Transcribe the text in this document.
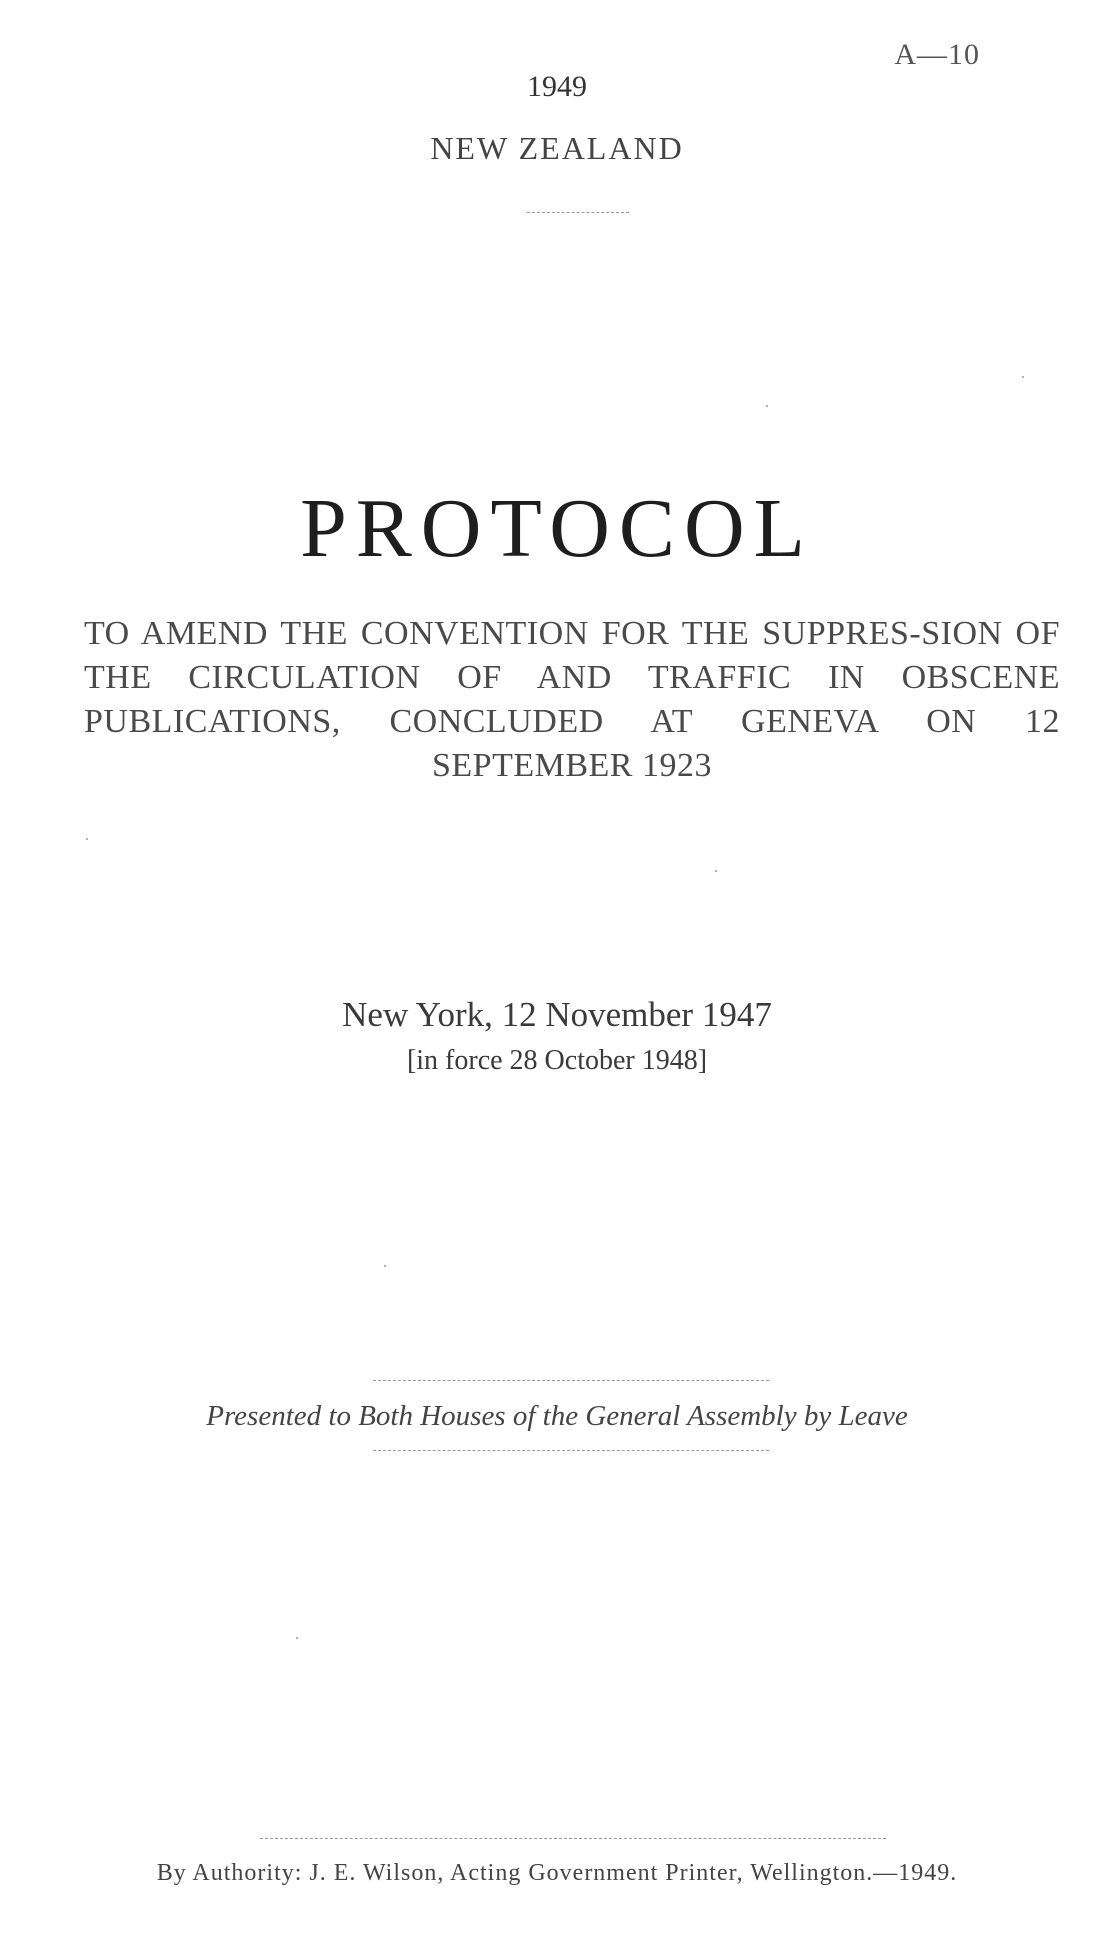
A—10
1949
NEW ZEALAND
PROTOCOL
TO AMEND THE CONVENTION FOR THE SUPPRES-SION OF THE CIRCULATION OF AND TRAFFIC IN OBSCENE PUBLICATIONS, CONCLUDED AT GENEVA ON 12 SEPTEMBER 1923
New York, 12 November 1947
[in force 28 October 1948]
Presented to Both Houses of the General Assembly by Leave
By Authority: J. E. Wilson, Acting Government Printer, Wellington.—1949.
